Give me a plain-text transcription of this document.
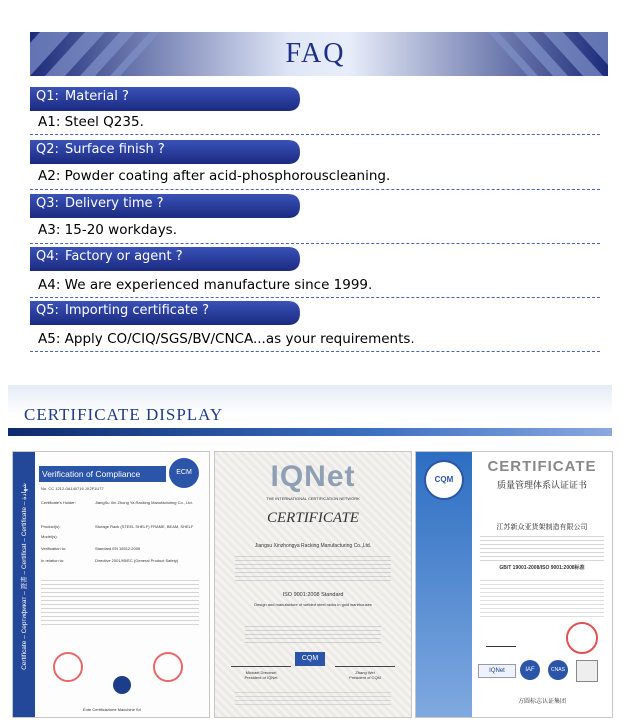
FAQ
Q1: Material ?
A1: Steel Q235.
Q2: Surface finish ?
A2: Powder coating after acid-phosphorouscleaning.
Q3: Delivery time ?
A3: 15-20 workdays.
Q4: Factory or agent ?
A4: We are experienced manufacture since 1999.
Q5: Importing certificate ?
A5: Apply CO/CIQ/SGS/BV/CNCA...as your requirements.
CERTIFICATE DISPLAY
Certificate – Сертификат – 證書 – Certificat – Certificate – شهادة
Verification of Compliance	ECM
No. CC 1212-0A140716 JX2F1U77
Certificate's Holder:	JiangSu Xin Zhong Ya Racking Manufacturing Co., Ltd.
Product(s):	Storage Rack (STEEL SHELF) FRAME, BEAM, SHELF
Model(s):
Verification to:	Standard EN 15512:2009
In relation to:	Directive 2001/95/EC (General Product Safety)
Ente Certificazione Macchine Srl
IQNet
THE INTERNATIONAL CERTIFICATION NETWORK
CERTIFICATE
Jiangsu Xinzhongya Racking Manufacturing Co.,Ltd.
ISO 9001:2008 Standard
Design and manufacture of welded steel racks in gold warehouses
Michael Drechsel
President of IQNet
Zhang Wei
President of CQM
CQM
CQM
CERTIFICATE
质量管理体系认证证书
江苏新众亚货架制造有限公司
GB/T 19001-2008/ISO 9001:2008标准
IQNet	IAF	CNAS
方圆标志认证集团
